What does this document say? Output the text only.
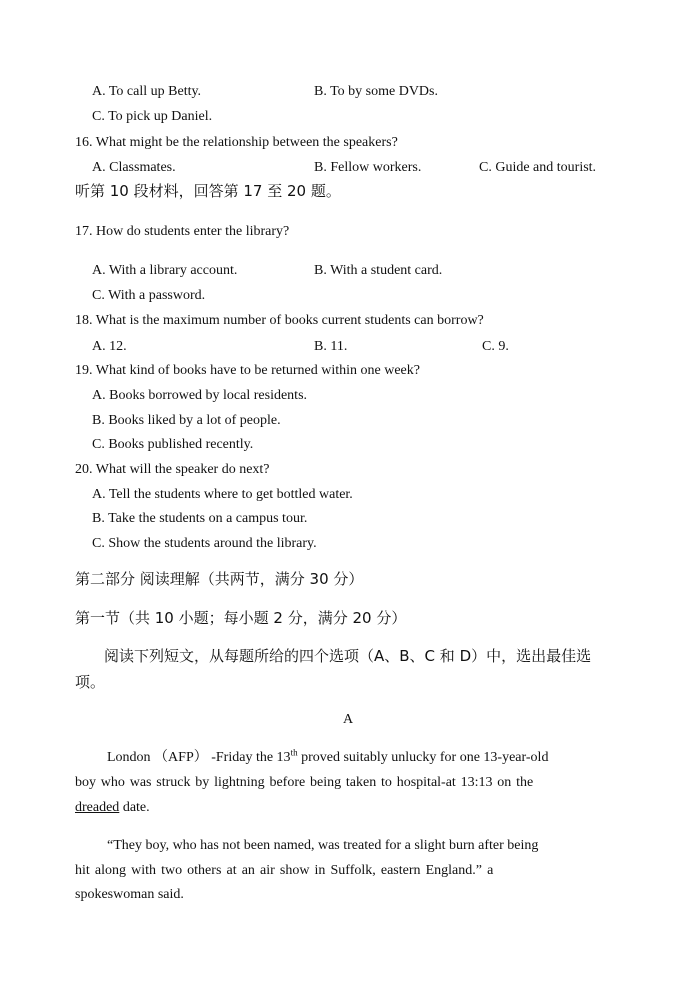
A. To call up Betty.	B. To by some DVDs.
C. To pick up Daniel.
16. What might be the relationship between the speakers?
A. Classmates.	B. Fellow workers.	C. Guide and tourist.
听第 10 段材料，回答第 17 至 20 题。
17. How do students enter the library?
A. With a library account.	B. With a student card.
C. With a password.
18. What is the maximum number of books current students can borrow?
A. 12.	B. 11.	C. 9.
19. What kind of books have to be returned within one week?
A. Books borrowed by local residents.
B. Books liked by a lot of people.
C. Books published recently.
20. What will the speaker do next?
A. Tell the students where to get bottled water.
B. Take the students on a campus tour.
C. Show the students around the library.
第二部分 阅读理解（共两节，满分 30 分）
第一节（共 10 小题；每小题 2 分，满分 20 分）
阅读下列短文，从每题所给的四个选项（A、B、C 和 D）中，选出最佳选
项。
A
London （AFP） -Friday the 13th proved suitably unlucky for one 13-year-old
boy who was struck by lightning before being taken to hospital-at 13:13 on the
dreaded date.
“They boy, who has not been named, was treated for a slight burn after being
hit along with two others at an air show in Suffolk, eastern England.” a
spokeswoman said.
